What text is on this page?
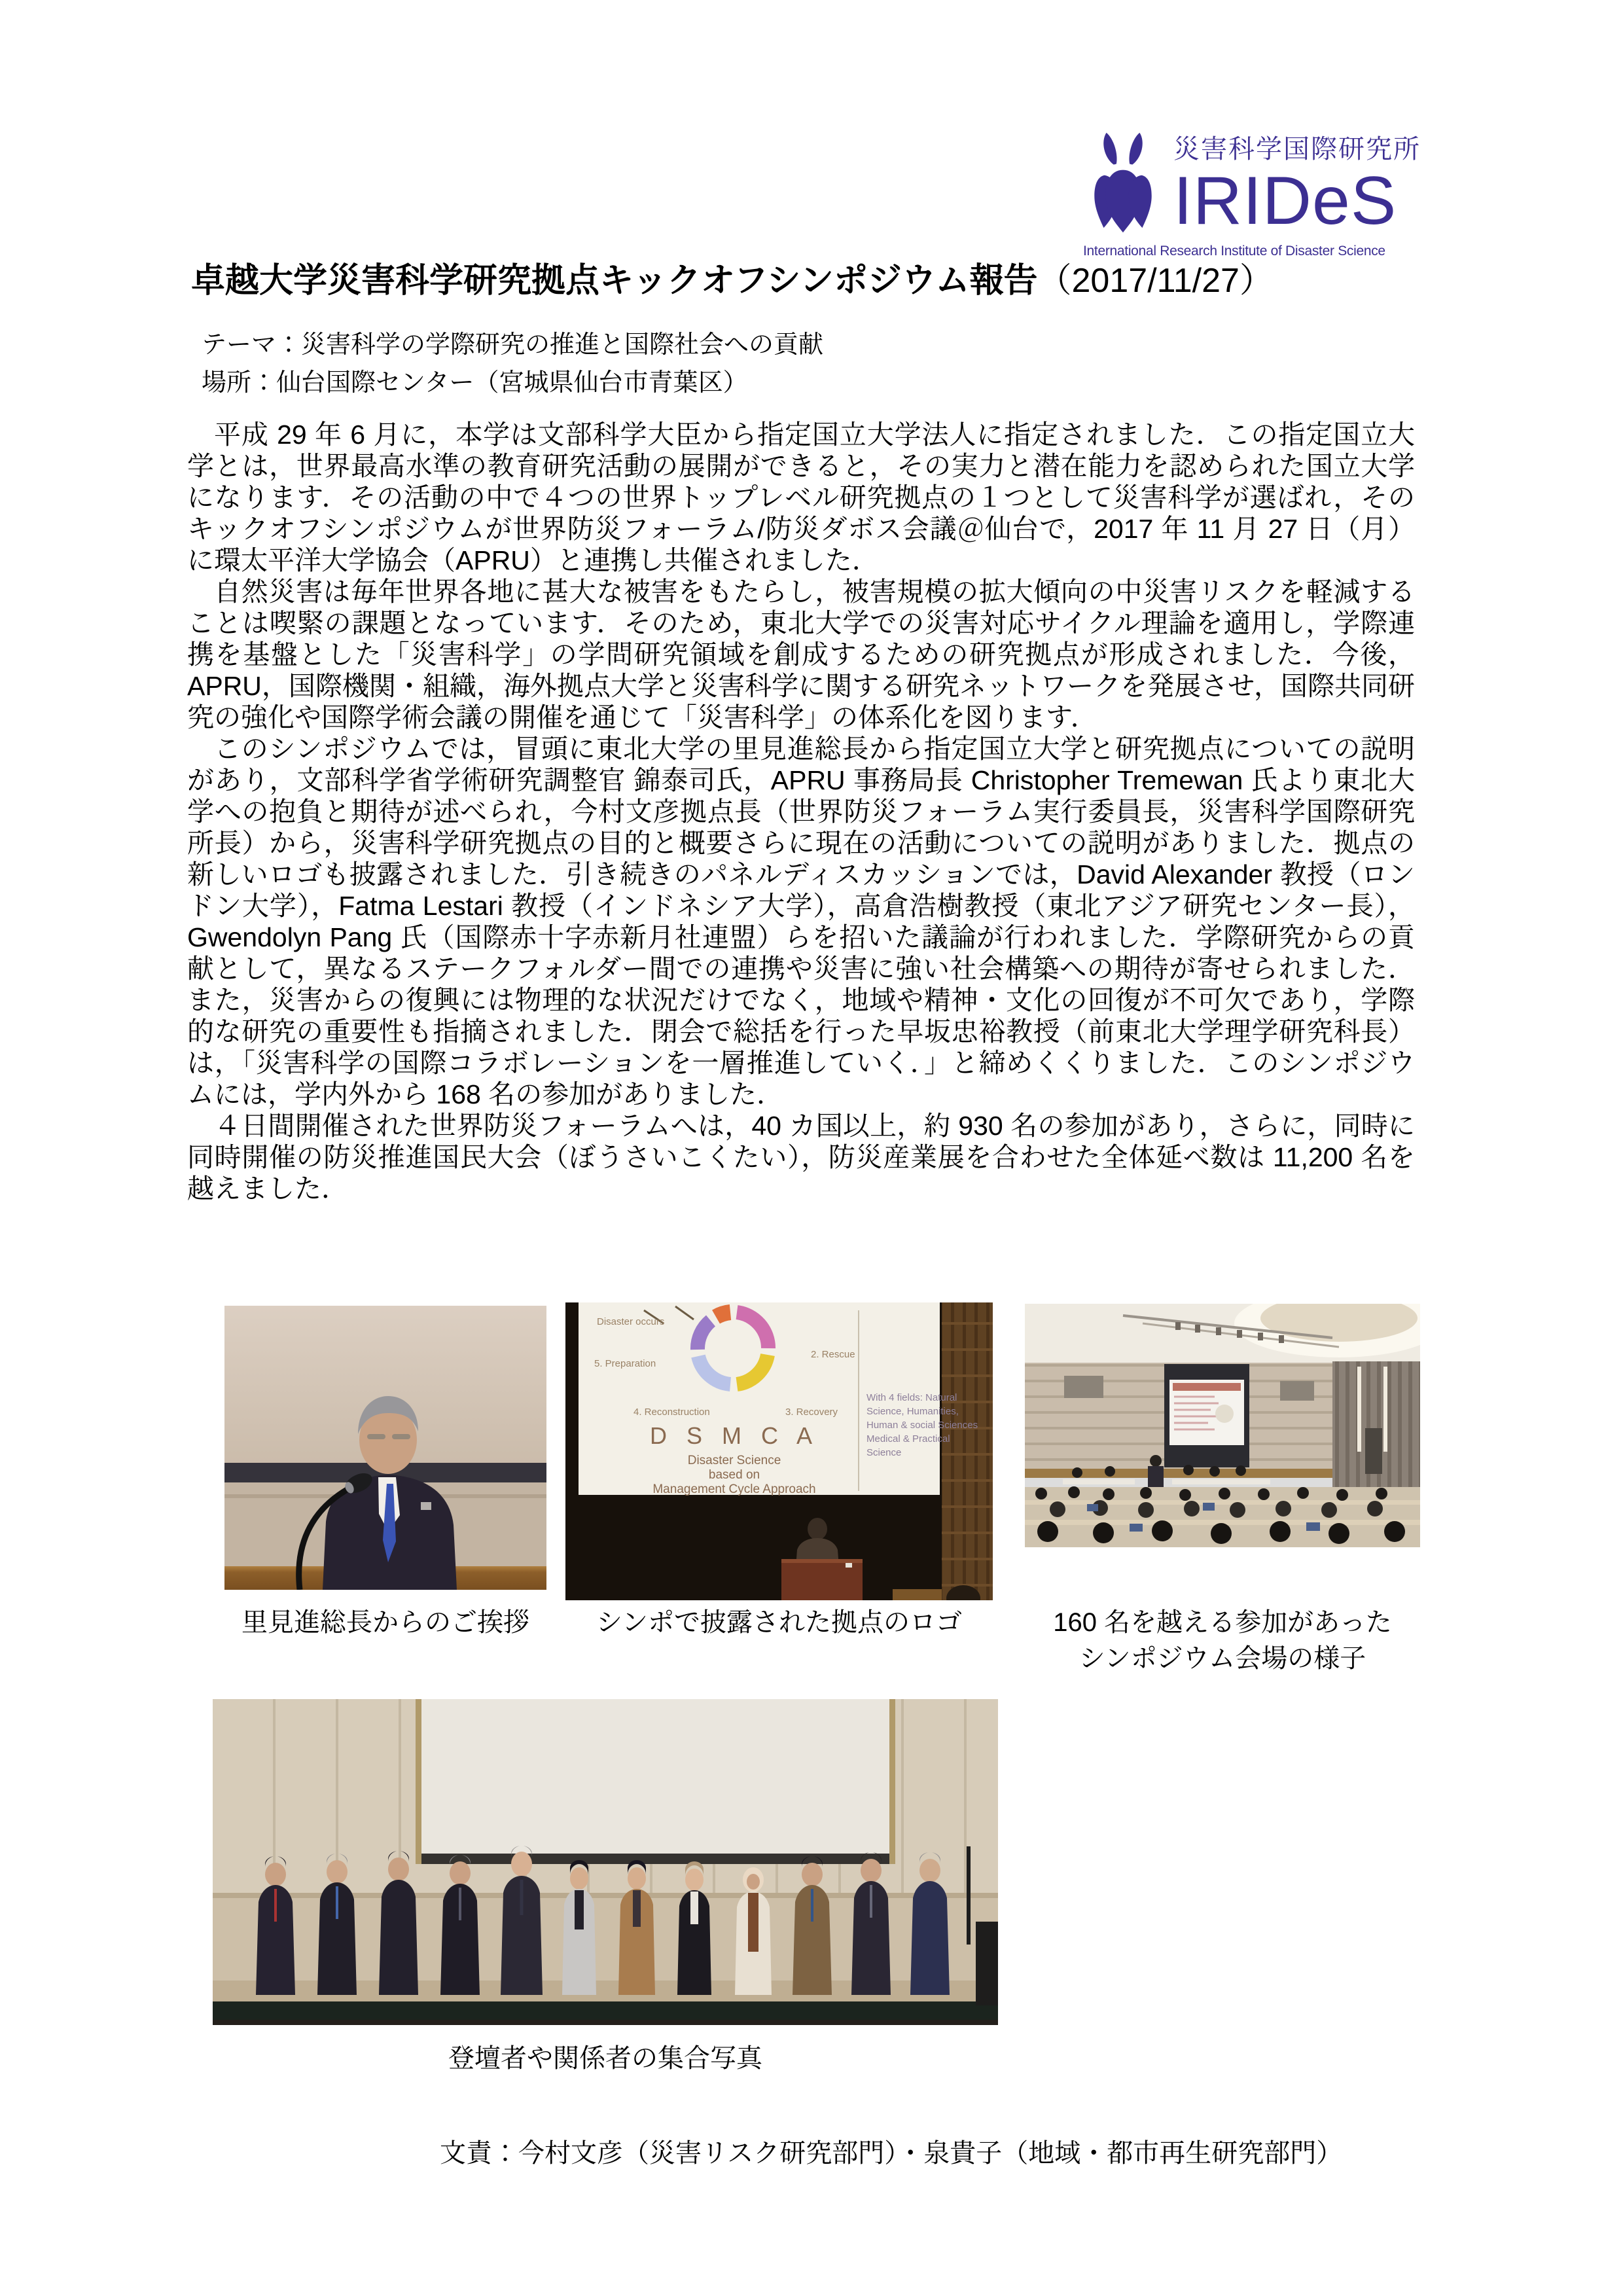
災害科学国際研究所
IRIDeS
International Research Institute of Disaster Science
卓越大学災害科学研究拠点キックオフシンポジウム報告（2017/11/27）
テーマ：災害科学の学際研究の推進と国際社会への貢献
場所：仙台国際センター（宮城県仙台市青葉区）

平成 29 年 6 月に，本学は文部科学大臣から指定国立大学法人に指定されました．この指定国立大学とは，世界最高水準の教育研究活動の展開ができると，その実力と潜在能力を認められた国立大学になります．その活動の中で４つの世界トップレベル研究拠点の１つとして災害科学が選ばれ，そのキックオフシンポジウムが世界防災フォーラム/防災ダボス会議＠仙台で，2017 年 11 月 27 日（月）に環太平洋大学協会（APRU）と連携し共催されました．

自然災害は毎年世界各地に甚大な被害をもたらし，被害規模の拡大傾向の中災害リスクを軽減することは喫緊の課題となっています．そのため，東北大学での災害対応サイクル理論を適用し，学際連携を基盤とした「災害科学」の学問研究領域を創成するための研究拠点が形成されました．今後，APRU，国際機関・組織，海外拠点大学と災害科学に関する研究ネットワークを発展させ，国際共同研究の強化や国際学術会議の開催を通じて「災害科学」の体系化を図ります．

このシンポジウムでは，冒頭に東北大学の里見進総長から指定国立大学と研究拠点についての説明があり，文部科学省学術研究調整官 錦泰司氏，APRU 事務局長 Christopher Tremewan 氏より東北大学への抱負と期待が述べられ，今村文彦拠点長（世界防災フォーラム実行委員長，災害科学国際研究所長）から，災害科学研究拠点の目的と概要さらに現在の活動についての説明がありました．拠点の新しいロゴも披露されました．引き続きのパネルディスカッションでは，David Alexander 教授（ロンドン大学），Fatma Lestari 教授（インドネシア大学），高倉浩樹教授（東北アジア研究センター長），Gwendolyn Pang 氏（国際赤十字赤新月社連盟）らを招いた議論が行われました．学際研究からの貢献として，異なるステークフォルダー間での連携や災害に強い社会構築への期待が寄せられました．また，災害からの復興には物理的な状況だけでなく，地域や精神・文化の回復が不可欠であり，学際的な研究の重要性も指摘されました．閉会で総括を行った早坂忠裕教授（前東北大学理学研究科長）は，「災害科学の国際コラボレーションを一層推進していく．」と締めくくりました．このシンポジウムには，学内外から 168 名の参加がありました．

４日間開催された世界防災フォーラムへは，40 カ国以上，約 930 名の参加があり，さらに，同時に同時開催の防災推進国民大会（ぼうさいこくたい），防災産業展を合わせた全体延べ数は 11,200 名を越えました．

Disaster occurs
2. Rescue
5. Preparation
4. Reconstruction	3. Recovery
D S M C A
Disaster Science
based on
Management Cycle Approach
With 4 fields: Natural
Science, Humanities,
Human & social Sciences
Medical & Practical
Science
里見進総長からのご挨拶	シンポで披露された拠点のロゴ	160 名を越える参加があった
シンポジウム会場の様子
登壇者や関係者の集合写真
文責：今村文彦（災害リスク研究部門）・泉貴子（地域・都市再生研究部門）
